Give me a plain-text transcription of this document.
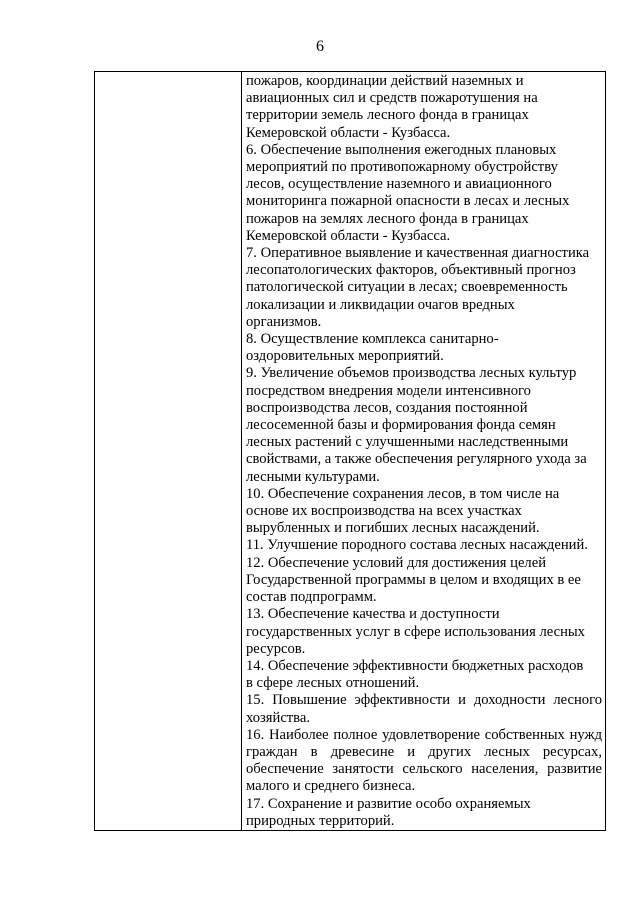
6

пожаров, координации действий наземных и
авиационных сил и средств пожаротушения на
территории земель лесного фонда в границах
Кемеровской области - Кузбасса.

6. Обеспечение выполнения ежегодных плановых
мероприятий по противопожарному обустройству
лесов, осуществление наземного и авиационного
мониторинга пожарной опасности в лесах и лесных
пожаров на землях лесного фонда в границах
Кемеровской области - Кузбасса.

7. Оперативное выявление и качественная диагностика
лесопатологических факторов, объективный прогноз
патологической ситуации в лесах; своевременность
локализации и ликвидации очагов вредных
организмов.

8. Осуществление комплекса санитарно-
оздоровительных мероприятий.

9. Увеличение объемов производства лесных культур
посредством внедрения модели интенсивного
воспроизводства лесов, создания постоянной
лесосеменной базы и формирования фонда семян
лесных растений с улучшенными наследственными
свойствами, а также обеспечения регулярного ухода за
лесными культурами.

10. Обеспечение сохранения лесов, в том числе на
основе их воспроизводства на всех участках
вырубленных и погибших лесных насаждений.

11. Улучшение породного состава лесных насаждений.

12. Обеспечение условий для достижения целей
Государственной программы в целом и входящих в ее
состав подпрограмм.

13. Обеспечение качества и доступности
государственных услуг в сфере использования лесных
ресурсов.

14. Обеспечение эффективности бюджетных расходов
в сфере лесных отношений.

15. Повышение эффективности и доходности лесного хозяйства.

16. Наиболее полное удовлетворение собственных нужд граждан в древесине и других лесных ресурсах, обеспечение занятости сельского населения, развитие малого и среднего бизнеса.

17. Сохранение и развитие особо охраняемых
природных территорий.
